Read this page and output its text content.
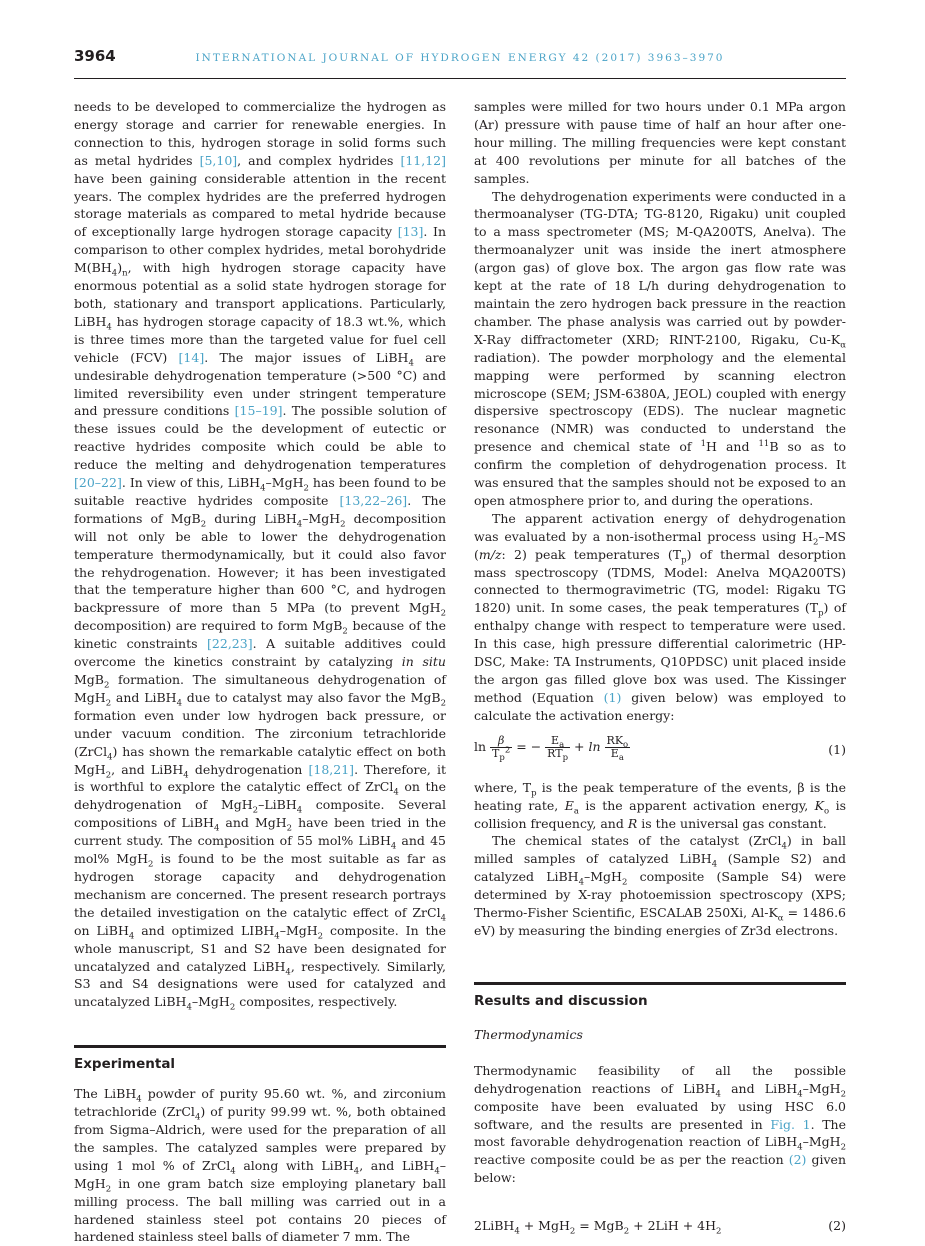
3964	INTERNATIONAL JOURNAL OF HYDROGEN ENERGY 42 (2017) 3963–3970

needs to be developed to commercialize the hydrogen as energy storage and carrier for renewable energies. In connection to this, hydrogen storage in solid forms such as metal hydrides [5,10], and complex hydrides [11,12] have been gaining considerable attention in the recent years. The complex hydrides are the preferred hydrogen storage materials as compared to metal hydride because of exceptionally large hydrogen storage capacity [13]. In comparison to other complex hydrides, metal borohydride $M(BH_4)_n$, with high hydrogen storage capacity have enormous potential as a solid state hydrogen storage for both, stationary and transport applications. Particularly, LiBH$_4$ has hydrogen storage capacity of 18.3 wt.%, which is three times more than the targeted value for fuel cell vehicle (FCV) [14]. The major issues of LiBH$_4$ are undesirable dehydrogenation temperature (>500 °C) and limited reversibility even under stringent temperature and pressure conditions [15–19]. The possible solution of these issues could be the development of eutectic or reactive hydrides composite which could be able to reduce the melting and dehydrogenation temperatures [20–22]. In view of this, LiBH$_4$–MgH$_2$ has been found to be suitable reactive hydrides composite [13,22–26]. The formations of MgB$_2$ during LiBH$_4$–MgH$_2$ decomposition will not only be able to lower the dehydrogenation temperature thermodynamically, but it could also favor the rehydrogenation. However; it has been investigated that the temperature higher than 600 °C, and hydrogen backpressure of more than 5 MPa (to prevent MgH$_2$ decomposition) are required to form MgB$_2$ because of the kinetic constraints [22,23]. A suitable additives could overcome the kinetics constraint by catalyzing in situ MgB$_2$ formation. The simultaneous dehydrogenation of MgH$_2$ and LiBH$_4$ due to catalyst may also favor the MgB$_2$ formation even under low hydrogen back pressure, or under vacuum condition. The zirconium tetrachloride (ZrCl$_4$) has shown the remarkable catalytic effect on both MgH$_2$, and LiBH$_4$ dehydrogenation [18,21]. Therefore, it is worthful to explore the catalytic effect of ZrCl$_4$ on the dehydrogenation of MgH$_2$–LiBH$_4$ composite. Several compositions of LiBH$_4$ and MgH$_2$ have been tried in the current study. The composition of 55 mol% LiBH$_4$ and 45 mol% MgH$_2$ is found to be the most suitable as far as hydrogen storage capacity and dehydrogenation mechanism are concerned. The present research portrays the detailed investigation on the catalytic effect of ZrCl$_4$ on LiBH$_4$ and optimized $LIBH_4-MgH_2$ composite. In the whole manuscript, S1 and S2 have been designated for uncatalyzed and catalyzed LiBH$_4$, respectively. Similarly, S3 and S4 designations were used for catalyzed and uncatalyzed LiBH$_4$–MgH$_2$ composites, respectively.

Experimental

The LiBH$_4$ powder of purity 95.60 wt. %, and zirconium tetrachloride (ZrCl$_4$) of purity 99.99 wt. %, both obtained from Sigma–Aldrich, were used for the preparation of all the samples. The catalyzed samples were prepared by using 1 mol % of ZrCl$_4$ along with LiBH$_4$, and LiBH$_4$–MgH$_2$ in one gram batch size employing planetary ball milling process. The ball milling was carried out in a hardened stainless steel pot contains 20 pieces of hardened stainless steel balls of diameter 7 mm. The

samples were milled for two hours under 0.1 MPa argon (Ar) pressure with pause time of half an hour after one-hour milling. The milling frequencies were kept constant at 400 revolutions per minute for all batches of the samples.

The dehydrogenation experiments were conducted in a thermoanalyser (TG-DTA; TG-8120, Rigaku) unit coupled to a mass spectrometer (MS; M-QA200TS, Anelva). The thermoanalyzer unit was inside the inert atmosphere (argon gas) of glove box. The argon gas flow rate was kept at the rate of 18 L/h during dehydrogenation to maintain the zero hydrogen back pressure in the reaction chamber. The phase analysis was carried out by powder-X-Ray diffractometer (XRD; RINT-2100, Rigaku, $Cu-K_\alpha$ radiation). The powder morphology and the elemental mapping were performed by scanning electron microscope (SEM; JSM-6380A, JEOL) coupled with energy dispersive spectroscopy (EDS). The nuclear magnetic resonance (NMR) was conducted to understand the presence and chemical state of $^1$H and $^{11}$B so as to confirm the completion of dehydrogenation process. It was ensured that the samples should not be exposed to an open atmosphere prior to, and during the operations.

The apparent activation energy of dehydrogenation was evaluated by a non-isothermal process using $H_2-MS$ (m/z: 2) peak temperatures $(T_p)$ of thermal desorption mass spectroscopy (TDMS, Model: Anelva MQA200TS) connected to thermogravimetric (TG, model: Rigaku TG 1820) unit. In some cases, the peak temperatures $(T_p)$ of enthalpy change with respect to temperature were used. In this case, high pressure differential calorimetric (HP-DSC, Make: TA Instruments, Q10PDSC) unit placed inside the argon gas filled glove box was used. The Kissinger method (Equation (1) given below) was employed to calculate the activation energy:

$\ln \frac{\beta}{T_p^2}$ = − $\frac{E_a}{RT_p} + \ln \frac{RK_o}{E_a}$	(1)

where, $T_p$ is the peak temperature of the events, β is the heating rate, $E_a$ is the apparent activation energy, $K_o$ is collision frequency, and R is the universal gas constant.

The chemical states of the catalyst (ZrCl$_4$) in ball milled samples of catalyzed LiBH$_4$ (Sample S2) and catalyzed LiBH$_4$–MgH$_2$ composite (Sample S4) were determined by X-ray photoemission spectroscopy (XPS; Thermo-Fisher Scientific, ESCALAB 250Xi, $Al-K_\alpha = 1486.6$ eV) by measuring the binding energies of Zr3d electrons.

Results and discussion

Thermodynamics

Thermodynamic feasibility of all the possible dehydrogenation reactions of LiBH$_4$ and LiBH$_4$–MgH$_2$ composite have been evaluated by using HSC 6.0 software, and the results are presented in Fig. 1. The most favorable dehydrogenation reaction of LiBH$_4$–MgH$_2$ reactive composite could be as per the reaction (2) given below:

2LiBH$_4$ + $MgH_2 = MgB_2 + 2LiH + 4H_2$	(2)
